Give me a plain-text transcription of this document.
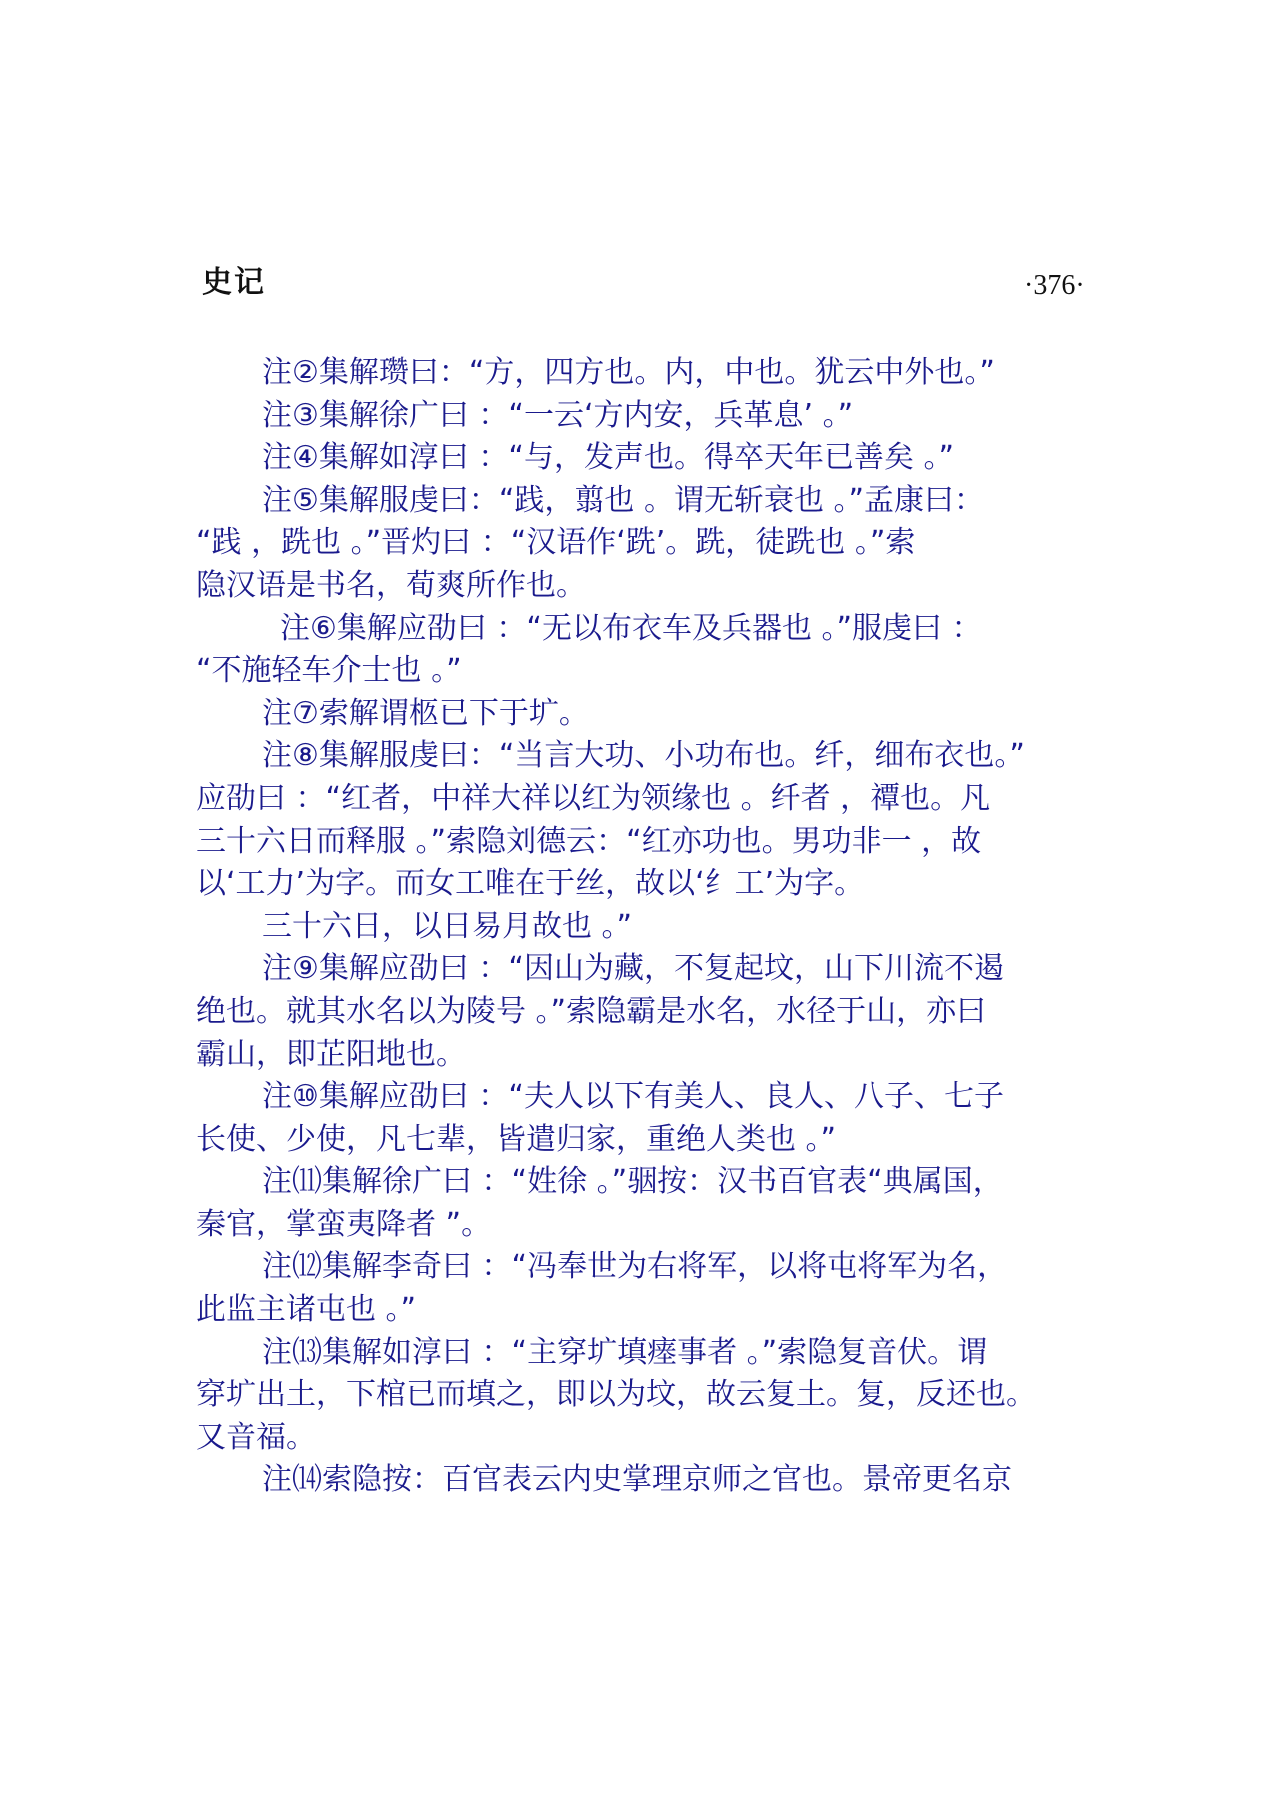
史记	·376·
注②集解瓒曰：“方，四方也。内，中也。犹云中外也。”
注③集解徐广曰 ：“一云‘方内安，兵革息’ 。”
注④集解如淳曰 ：“与，发声也。得卒天年已善矣 。”
注⑤集解服虔曰：“践，翦也 。谓无斩衰也 。”孟康曰：
“践 ，跣也 。”晋灼曰 ：“汉语作‘跣’。跣，徒跣也 。”索
隐汉语是书名，荀爽所作也。
注⑥集解应劭曰 ：“无以布衣车及兵器也 。”服虔曰 ：
“不施轻车介士也 。”
注⑦索解谓柩已下于圹。
注⑧集解服虔曰：“当言大功、小功布也。纤，细布衣也。”
应劭曰 ：“红者，中祥大祥以红为领缘也 。纤者 ，禫也。凡
三十六日而释服 。”索隐刘德云：“红亦功也。男功非一 ，故
以‘工力’为字。而女工唯在于丝，故以‘纟工’为字。
三十六日，以日易月故也 。”
注⑨集解应劭曰 ：“因山为藏，不复起坟，山下川流不遏
绝也。就其水名以为陵号 。”索隐霸是水名，水径于山，亦曰
霸山，即芷阳地也。
注⑩集解应劭曰 ：“夫人以下有美人、良人、八子、七子
长使、少使，凡七辈，皆遣归家，重绝人类也 。”
注⑾集解徐广曰 ：“姓徐 。”骃按：汉书百官表“典属国，
秦官，掌蛮夷降者 ”。
注⑿集解李奇曰 ：“冯奉世为右将军，以将屯将军为名，
此监主诸屯也 。”
注⒀集解如淳曰 ：“主穿圹填瘗事者 。”索隐复音伏。谓
穿圹出土，下棺已而填之，即以为坟，故云复土。复，反还也。
又音福。
注⒁索隐按：百官表云内史掌理京师之官也。景帝更名京
